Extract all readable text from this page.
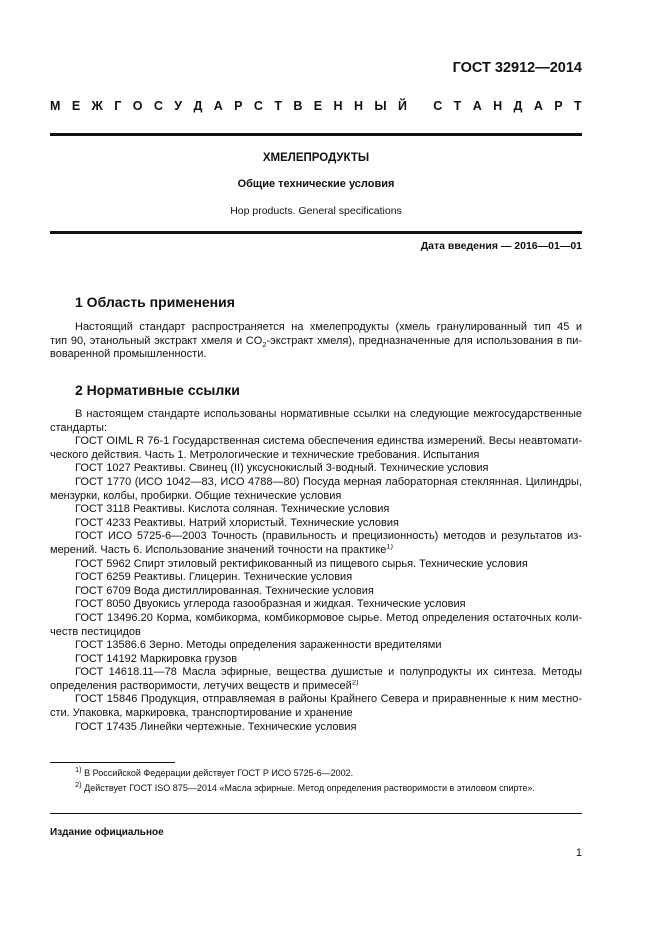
ГОСТ 32912—2014
М Е Ж Г О С У Д А Р С Т В Е Н Н Ы Й
С Т А Н Д А Р Т
ХМЕЛЕПРОДУКТЫ
Общие технические условия
Hop products. General specifications
Дата введения — 2016—01—01
1 Область применения
Настоящий стандарт распространяется на хмелепродукты (хмель гранулированный тип 45 и
тип 90, этанольный экстракт хмеля и $CO_2$-экстракт хмеля), предназначенные для использования в пи-
воваренной промышленности.
2 Нормативные ссылки
В настоящем стандарте использованы нормативные ссылки на следующие межгосударственные
стандарты:
ГОСТ OIML R 76-1 Государственная система обеспечения единства измерений. Весы неавтомати-
ческого действия. Часть 1. Метрологические и технические требования. Испытания
ГОСТ 1027 Реактивы. Свинец (II) уксуснокислый 3-водный. Технические условия
ГОСТ 1770 (ИСО 1042—83, ИСО 4788—80) Посуда мерная лабораторная стеклянная. Цилиндры,
мензурки, колбы, пробирки. Общие технические условия
ГОСТ 3118 Реактивы. Кислота соляная. Технические условия
ГОСТ 4233 Реактивы. Натрий хлористый. Технические условия
ГОСТ ИСО 5725-6—2003 Точность (правильность и прецизионность) методов и результатов из-
мерений. Часть 6. Использование значений точности на практике$^{1)}$
ГОСТ 5962 Спирт этиловый ректификованный из пищевого сырья. Технические условия
ГОСТ 6259 Реактивы. Глицерин. Технические условия
ГОСТ 6709 Вода дистиллированная. Технические условия
ГОСТ 8050 Двуокись углерода газообразная и жидкая. Технические условия
ГОСТ 13496.20 Корма, комбикорма, комбикормовое сырье. Метод определения остаточных коли-
честв пестицидов
ГОСТ 13586.6 Зерно. Методы определения зараженности вредителями
ГОСТ 14192 Маркировка грузов
ГОСТ 14618.11—78 Масла эфирные, вещества душистые и полупродукты их синтеза. Методы
определения растворимости, летучих веществ и примесей$^{2)}$
ГОСТ 15846 Продукция, отправляемая в районы Крайнего Севера и приравненные к ним местно-
сти. Упаковка, маркировка, транспортирование и хранение
ГОСТ 17435 Линейки чертежные. Технические условия
$^{1)}$ В Российской Федерации действует ГОСТ Р ИСО 5725-6—2002.
$^{2)}$ Действует ГОСТ ISO 875—2014 «Масла эфирные. Метод определения растворимости в этиловом спирте».
Издание официальное
1
